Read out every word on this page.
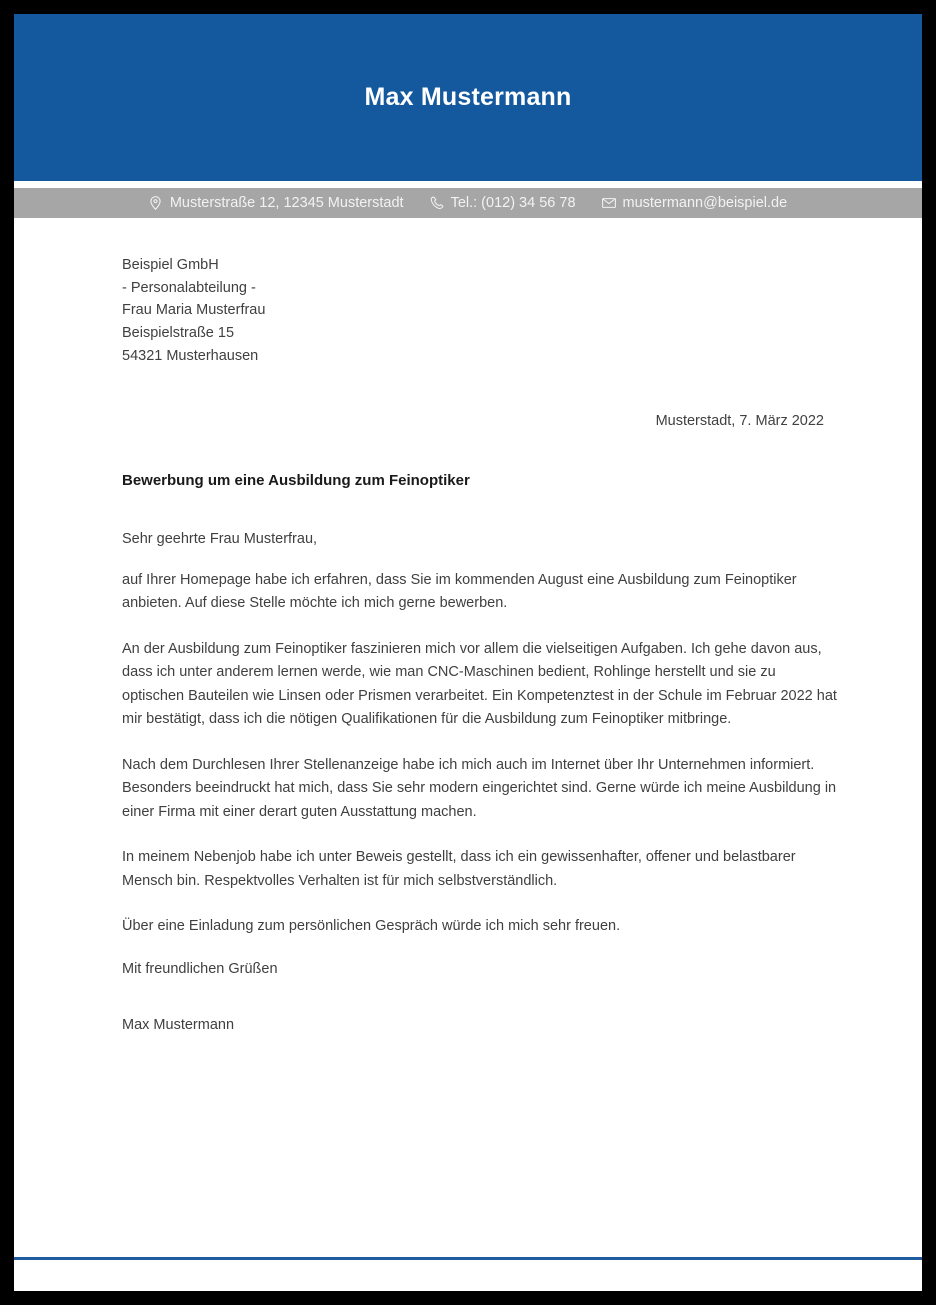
Max Mustermann
Musterstraße 12, 12345 Musterstadt	Tel.: (012) 34 56 78	mustermann@beispiel.de
Beispiel GmbH
- Personalabteilung -
Frau Maria Musterfrau
Beispielstraße 15
54321 Musterhausen
Musterstadt, 7. März 2022
Bewerbung um eine Ausbildung zum Feinoptiker
Sehr geehrte Frau Musterfrau,
auf Ihrer Homepage habe ich erfahren, dass Sie im kommenden August eine Ausbildung zum Feinoptiker anbieten. Auf diese Stelle möchte ich mich gerne bewerben.
An der Ausbildung zum Feinoptiker faszinieren mich vor allem die vielseitigen Aufgaben. Ich gehe davon aus, dass ich unter anderem lernen werde, wie man CNC-Maschinen bedient, Rohlinge herstellt und sie zu optischen Bauteilen wie Linsen oder Prismen verarbeitet. Ein Kompetenztest in der Schule im Februar 2022 hat mir bestätigt, dass ich die nötigen Qualifikationen für die Ausbildung zum Feinoptiker mitbringe.
Nach dem Durchlesen Ihrer Stellenanzeige habe ich mich auch im Internet über Ihr Unternehmen informiert. Besonders beeindruckt hat mich, dass Sie sehr modern eingerichtet sind. Gerne würde ich meine Ausbildung in einer Firma mit einer derart guten Ausstattung machen.
In meinem Nebenjob habe ich unter Beweis gestellt, dass ich ein gewissenhafter, offener und belastbarer Mensch bin. Respektvolles Verhalten ist für mich selbstverständlich.
Über eine Einladung zum persönlichen Gespräch würde ich mich sehr freuen.
Mit freundlichen Grüßen
Max Mustermann
